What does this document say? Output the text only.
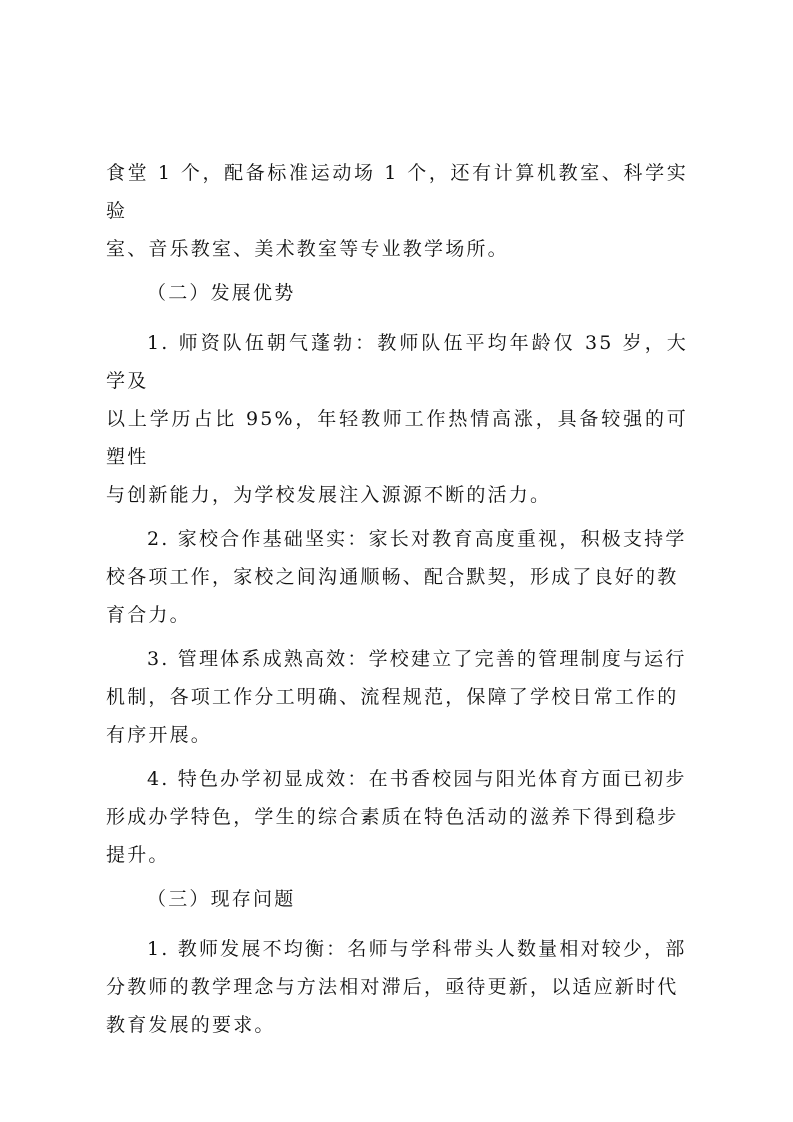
食堂 1 个，配备标准运动场 1 个，还有计算机教室、科学实验
室、音乐教室、美术教室等专业教学场所。

（二）发展优势

1. 师资队伍朝气蓬勃：教师队伍平均年龄仅 35 岁，大学及
以上学历占比 95%，年轻教师工作热情高涨，具备较强的可塑性
与创新能力，为学校发展注入源源不断的活力。

2. 家校合作基础坚实：家长对教育高度重视，积极支持学
校各项工作，家校之间沟通顺畅、配合默契，形成了良好的教
育合力。

3. 管理体系成熟高效：学校建立了完善的管理制度与运行
机制，各项工作分工明确、流程规范，保障了学校日常工作的
有序开展。

4. 特色办学初显成效：在书香校园与阳光体育方面已初步
形成办学特色，学生的综合素质在特色活动的滋养下得到稳步
提升。

（三）现存问题

1. 教师发展不均衡：名师与学科带头人数量相对较少，部
分教师的教学理念与方法相对滞后，亟待更新，以适应新时代
教育发展的要求。
